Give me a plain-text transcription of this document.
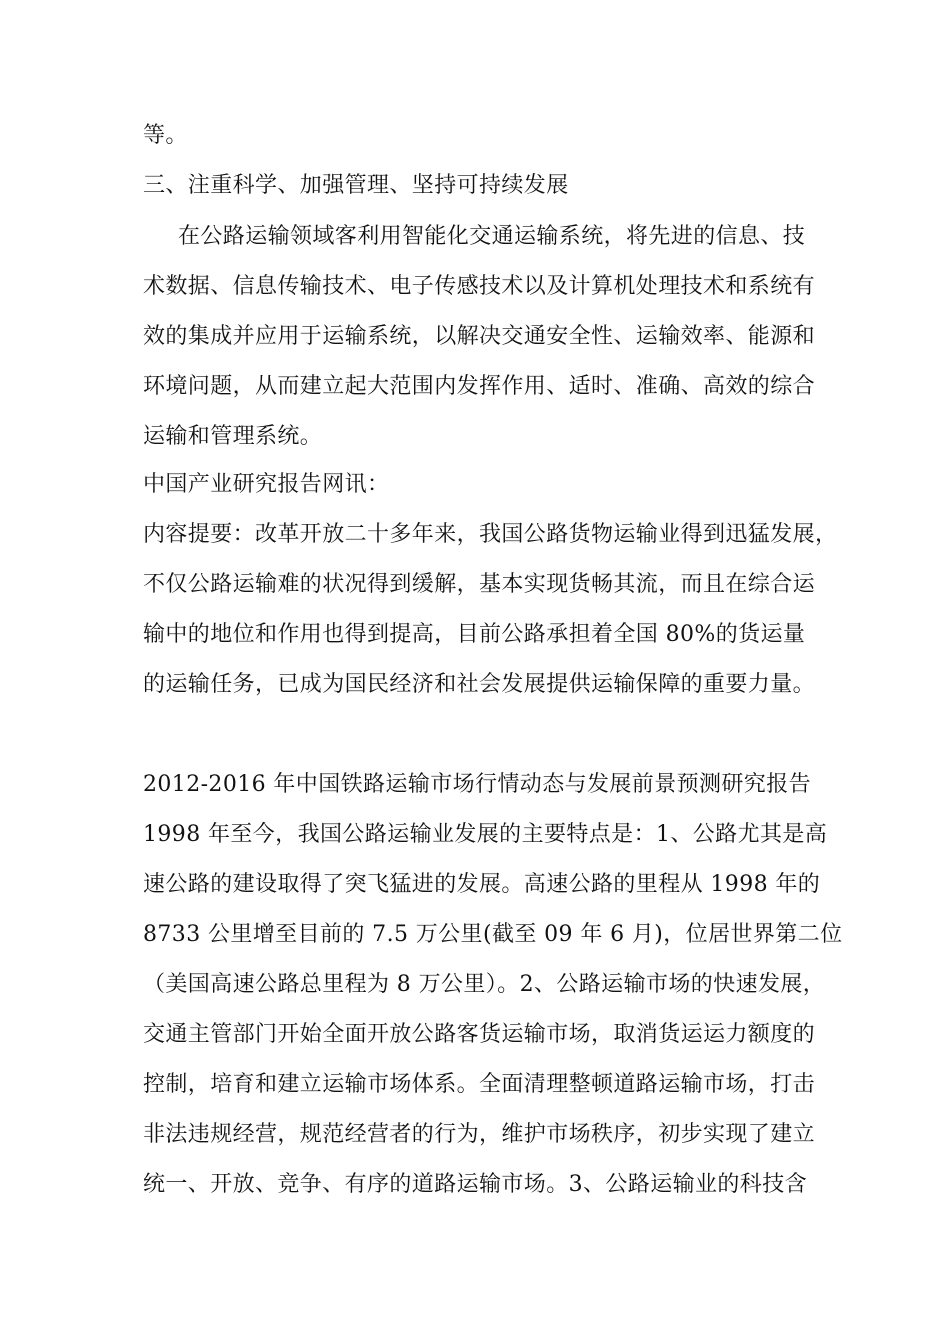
等。
三、注重科学、加强管理、坚持可持续发展
在公路运输领域客利用智能化交通运输系统，将先进的信息、技
术数据、信息传输技术、电子传感技术以及计算机处理技术和系统有
效的集成并应用于运输系统，以解决交通安全性、运输效率、能源和
环境问题，从而建立起大范围内发挥作用、适时、准确、高效的综合
运输和管理系统。
中国产业研究报告网讯：
内容提要：改革开放二十多年来，我国公路货物运输业得到迅猛发展，
不仅公路运输难的状况得到缓解，基本实现货畅其流，而且在综合运
输中的地位和作用也得到提高，目前公路承担着全国 80%的货运量
的运输任务，已成为国民经济和社会发展提供运输保障的重要力量。
2012-2016 年中国铁路运输市场行情动态与发展前景预测研究报告
1998 年至今，我国公路运输业发展的主要特点是：1、公路尤其是高
速公路的建设取得了突飞猛进的发展。高速公路的里程从 1998 年的
8733 公里增至目前的 7.5 万公里(截至 09 年 6 月)，位居世界第二位
（美国高速公路总里程为 8 万公里）。2、公路运输市场的快速发展，
交通主管部门开始全面开放公路客货运输市场，取消货运运力额度的
控制，培育和建立运输市场体系。全面清理整顿道路运输市场，打击
非法违规经营，规范经营者的行为，维护市场秩序，初步实现了建立
统一、开放、竞争、有序的道路运输市场。3、公路运输业的科技含
